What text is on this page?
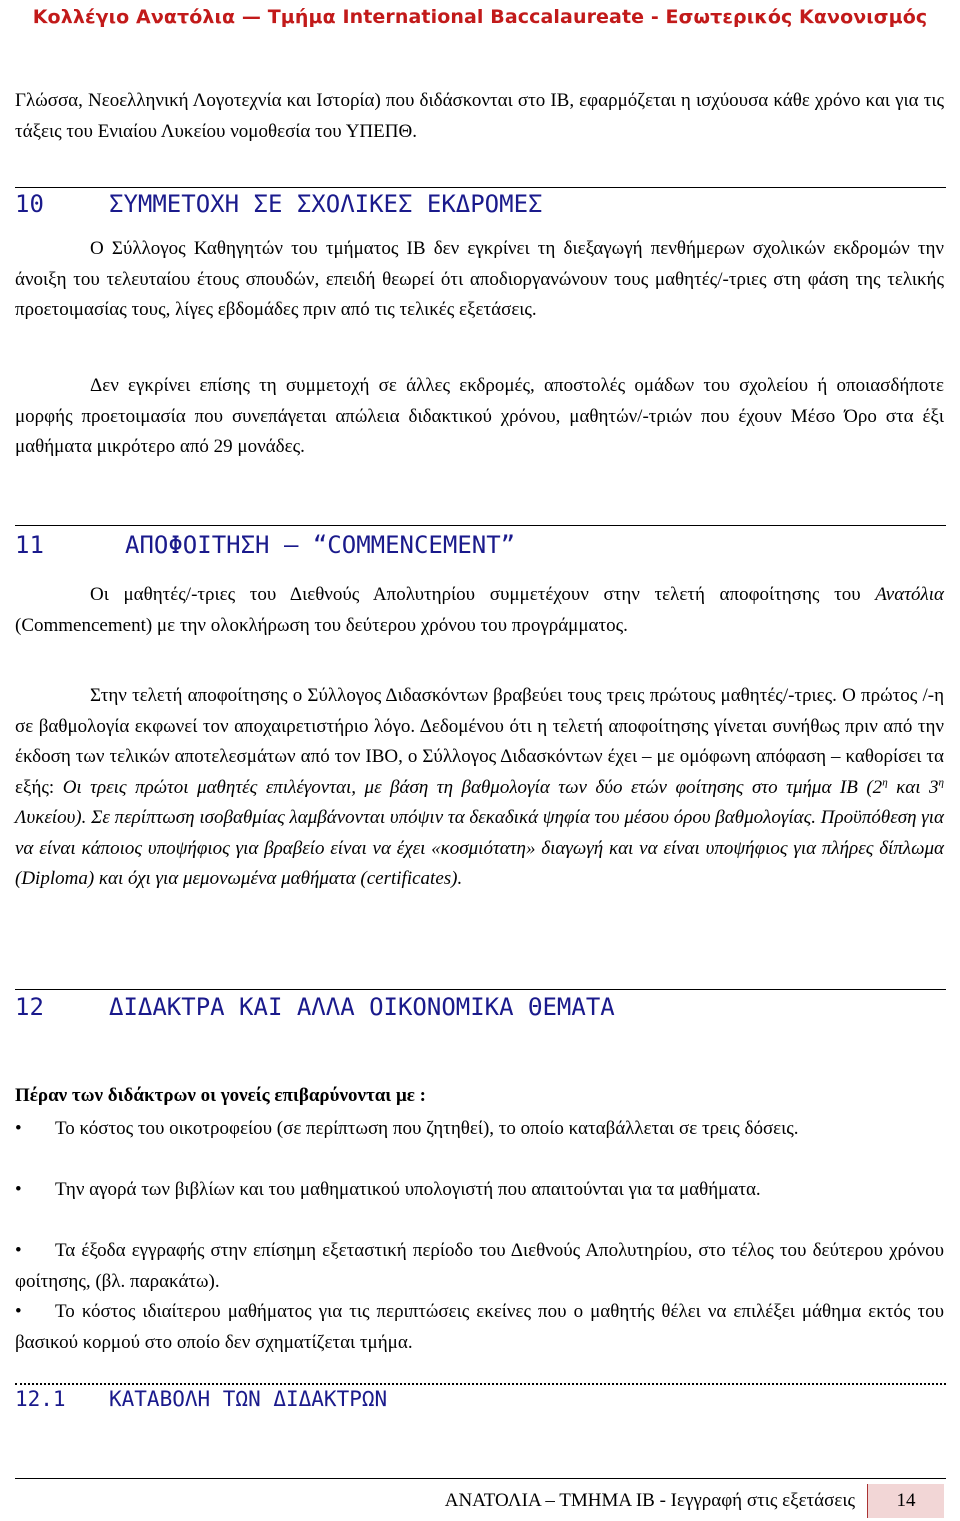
Κολλέγιο Ανατόλια — Τμήμα International Baccalaureate - Εσωτερικός Κανονισμός

Γλώσσα, Νεοελληνική Λογοτεχνία και Ιστορία) που διδάσκονται στο ΙΒ, εφαρμόζεται η ισχύουσα κάθε χρόνο και για τις τάξεις του Ενιαίου Λυκείου νομοθεσία του ΥΠΕΠΘ.

10	ΣΥΜΜΕΤΟΧΗ ΣΕ ΣΧΟΛΙΚΕΣ ΕΚΔΡΟΜΕΣ

Ο Σύλλογος Καθηγητών του τμήματος ΙΒ δεν εγκρίνει τη διεξαγωγή πενθήμερων σχολικών εκδρομών την άνοιξη του τελευταίου έτους σπουδών, επειδή θεωρεί ότι αποδιοργανώνουν τους μαθητές/-τριες στη φάση της τελικής προετοιμασίας τους, λίγες εβδομάδες πριν από τις τελικές εξετάσεις.

Δεν εγκρίνει επίσης τη συμμετοχή σε άλλες εκδρομές, αποστολές ομάδων του σχολείου ή οποιασδήποτε μορφής προετοιμασία που συνεπάγεται απώλεια διδακτικού χρόνου, μαθητών/-τριών που έχουν Μέσο Όρο στα έξι μαθήματα μικρότερο από 29 μονάδες.

11	ΑΠΟΦΟΙΤΗΣΗ – “COMMENCEMENT”

Οι μαθητές/-τριες του Διεθνούς Απολυτηρίου συμμετέχουν στην τελετή αποφοίτησης του Ανατόλια (Commencement) με την ολοκλήρωση του δεύτερου χρόνου του προγράμματος.

Στην τελετή αποφοίτησης ο Σύλλογος Διδασκόντων βραβεύει τους τρεις πρώτους μαθητές/-τριες. Ο πρώτος /-η σε βαθμολογία εκφωνεί τον αποχαιρετιστήριο λόγο. Δεδομένου ότι η τελετή αποφοίτησης γίνεται συνήθως πριν από την έκδοση των τελικών αποτελεσμάτων από τον IBO, ο Σύλλογος Διδασκόντων έχει – με ομόφωνη απόφαση – καθορίσει τα εξής: Οι τρεις πρώτοι μαθητές επιλέγονται, με βάση τη βαθμολογία των δύο ετών φοίτησης στο τμήμα ΙΒ ($2^\eta$ και $3^\eta$ Λυκείου). Σε περίπτωση ισοβαθμίας λαμβάνονται υπόψιν τα δεκαδικά ψηφία του μέσου όρου βαθμολογίας. Προϋπόθεση για να είναι κάποιος υποψήφιος για βραβείο είναι να έχει «κοσμιότατη» διαγωγή και να είναι υποψήφιος για πλήρες δίπλωμα (Diploma) και όχι για μεμονωμένα μαθήματα (certificates).

12	ΔΙΔΑΚΤΡΑ ΚΑΙ ΑΛΛΑ ΟΙΚΟΝΟΜΙΚΑ ΘΕΜΑΤΑ

Πέραν των διδάκτρων οι γονείς επιβαρύνονται με :

• Το κόστος του οικοτροφείου (σε περίπτωση που ζητηθεί), το οποίο καταβάλλεται σε τρεις δόσεις.

• Την αγορά των βιβλίων και του μαθηματικού υπολογιστή που απαιτούνται για τα μαθήματα.

• Τα έξοδα εγγραφής στην επίσημη εξεταστική περίοδο του Διεθνούς Απολυτηρίου, στο τέλος του δεύτερου χρόνου φοίτησης, (βλ. παρακάτω).

• Το κόστος ιδιαίτερου μαθήματος για τις περιπτώσεις εκείνες που ο μαθητής θέλει να επιλέξει μάθημα εκτός του βασικού κορμού στο οποίο δεν σχηματίζεται τμήμα.

12.1 ΚΑΤΑΒΟΛΗ ΤΩΝ ΔΙΔΑΚΤΡΩΝ
ΑΝΑΤΟΛΙΑ – ΤΜΗΜΑ ΙΒ - Ιεγγραφή στις εξετάσεις	14
